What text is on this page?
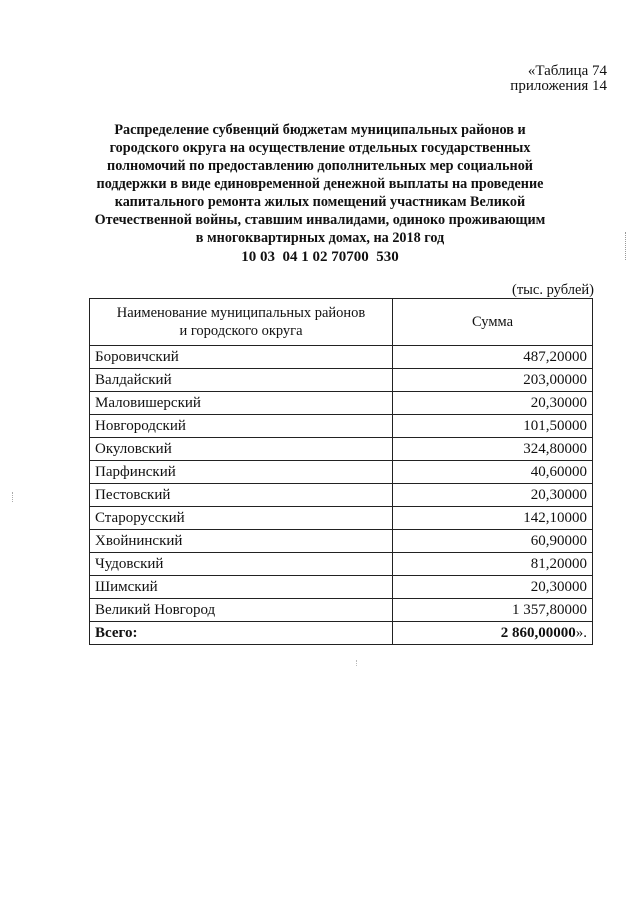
«Таблица 74
приложения 14
Распределение субвенций бюджетам муниципальных районов и
городского округа на осуществление отдельных государственных
полномочий по предоставлению дополнительных мер социальной
поддержки в виде единовременной денежной выплаты на проведение
капитального ремонта жилых помещений участникам Великой
Отечественной войны, ставшим инвалидами, одиноко проживающим
в многоквартирных домах, на 2018 год
10 03  04 1 02 70700  530
(тыс. рублей)
Наименование муниципальных районов
и городского округа	Сумма
Боровичский	487,20000
Валдайский	203,00000
Маловишерский	20,30000
Новгородский	101,50000
Окуловский	324,80000
Парфинский	40,60000
Пестовский	20,30000
Старорусский	142,10000
Хвойнинский	60,90000
Чудовский	81,20000
Шимский	20,30000
Великий Новгород	1 357,80000
Всего:	2 860,00000».
